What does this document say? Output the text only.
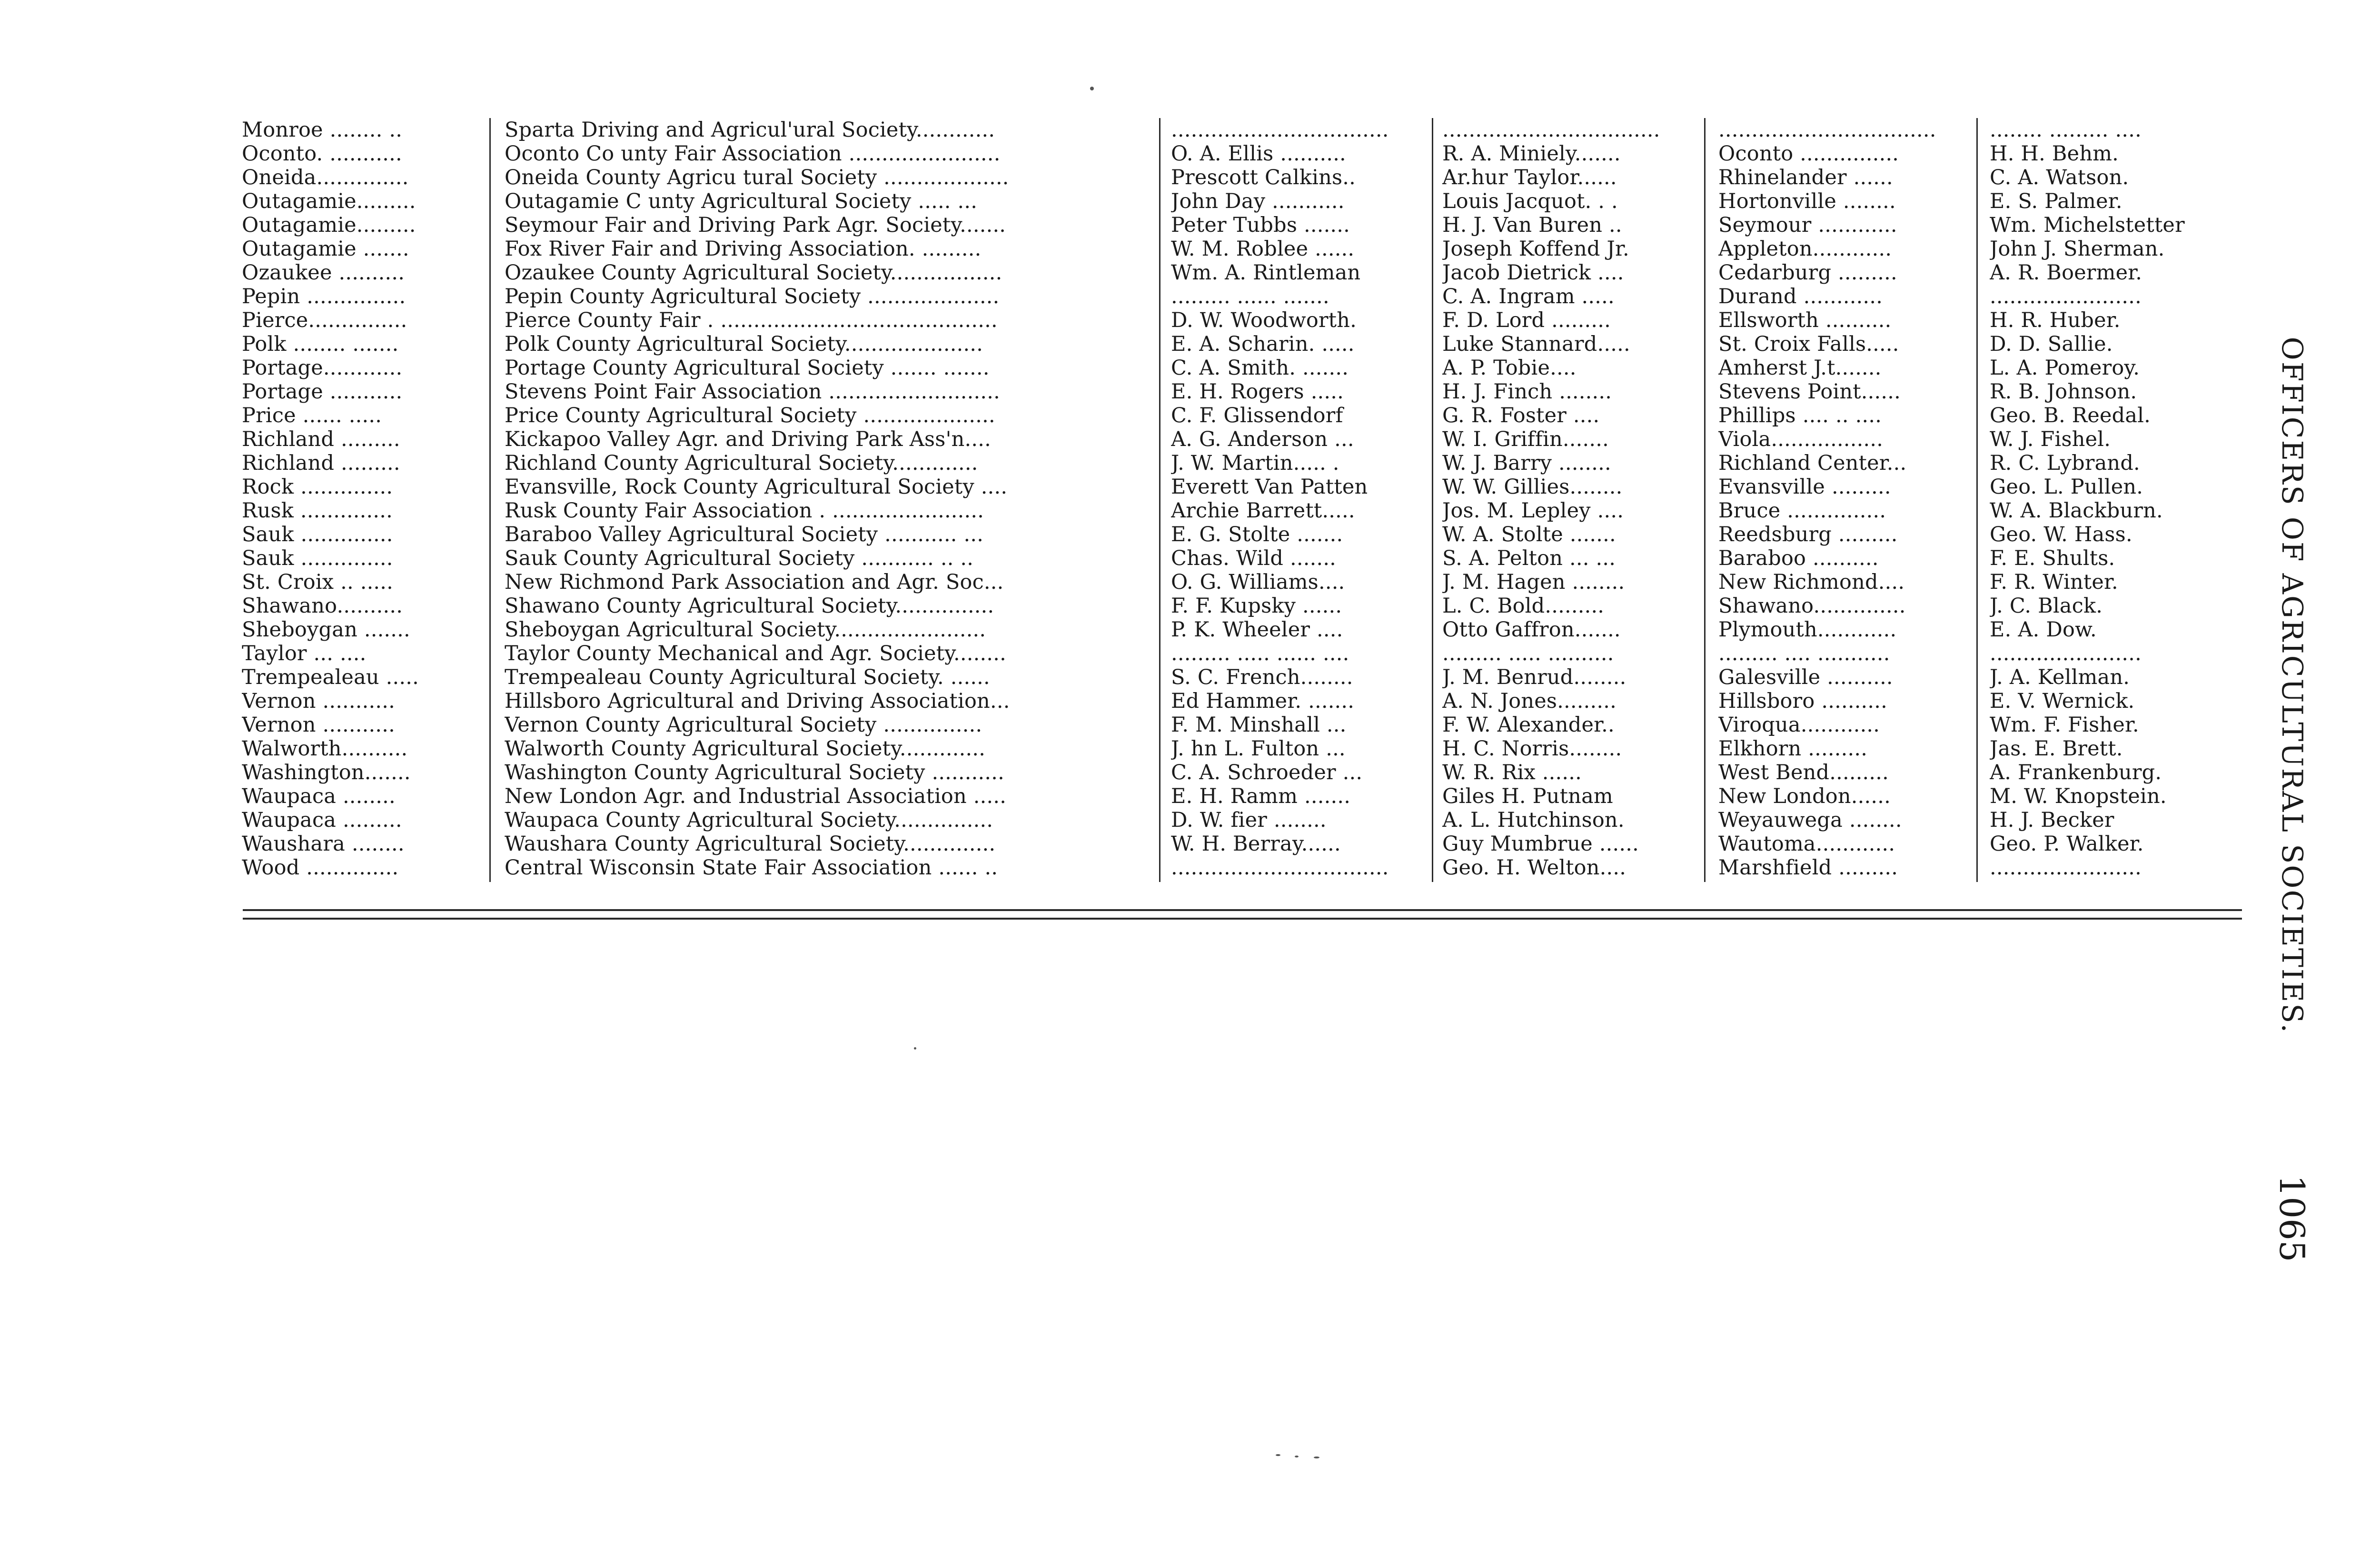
Monroe ........ ..	Sparta Driving and Agricul'ural Society............	.................................	.................................	.................................	........ ......... ....
Oconto. ...........	Oconto Co unty Fair Association .......................	O. A. Ellis ..........	R. A. Miniely.......	Oconto ...............	H. H. Behm.
Oneida..............	Oneida County Agricu tural Society ...................	Prescott Calkins..	Ar.hur Taylor......	Rhinelander ......	C. A. Watson.
Outagamie.........	Outagamie C unty Agricultural Society ..... ...	John Day ...........	Louis Jacquot. . .	Hortonville ........	E. S. Palmer.
Outagamie.........	Seymour Fair and Driving Park Agr. Society.......	Peter Tubbs .......	H. J. Van Buren ..	Seymour ............	Wm. Michelstetter
Outagamie .......	Fox River Fair and Driving Association. .........	W. M. Roblee ......	Joseph Koffend Jr.	Appleton............	John J. Sherman.
Ozaukee ..........	Ozaukee County Agricultural Society.................	Wm. A. Rintleman	Jacob Dietrick ....	Cedarburg .........	A. R. Boermer.
Pepin ...............	Pepin County Agricultural Society ....................	......... ...... .......	C. A. Ingram .....	Durand ............	.......................
Pierce...............	Pierce County Fair . ..........................................	D. W. Woodworth.	F. D. Lord .........	Ellsworth ..........	H. R. Huber.
Polk ........ .......	Polk County Agricultural Society.....................	E. A. Scharin. .....	Luke Stannard.....	St. Croix Falls.....	D. D. Sallie.
Portage............	Portage County Agricultural Society ....... .......	C. A. Smith. .......	A. P. Tobie....	Amherst J.t.......	L. A. Pomeroy.
Portage ...........	Stevens Point Fair Association ..........................	E. H. Rogers .....	H. J. Finch ........	Stevens Point......	R. B. Johnson.
Price ...... .....	Price County Agricultural Society ....................	C. F. Glissendorf	G. R. Foster ....	Phillips .... .. ....	Geo. B. Reedal.
Richland .........	Kickapoo Valley Agr. and Driving Park Ass'n....	A. G. Anderson ...	W. I. Griffin.......	Viola.................	W. J. Fishel.
Richland .........	Richland County Agricultural Society.............	J. W. Martin..... .	W. J. Barry ........	Richland Center...	R. C. Lybrand.
Rock ..............	Evansville, Rock County Agricultural Society ....	Everett Van Patten	W. W. Gillies........	Evansville .........	Geo. L. Pullen.
Rusk ..............	Rusk County Fair Association . .......................	Archie Barrett.....	Jos. M. Lepley ....	Bruce ...............	W. A. Blackburn.
Sauk ..............	Baraboo Valley Agricultural Society ........... ...	E. G. Stolte .......	W. A. Stolte .......	Reedsburg .........	Geo. W. Hass.
Sauk ..............	Sauk County Agricultural Society ........... .. ..	Chas. Wild .......	S. A. Pelton ... ...	Baraboo ..........	F. E. Shults.
St. Croix .. .....	New Richmond Park Association and Agr. Soc...	O. G. Williams....	J. M. Hagen ........	New Richmond....	F. R. Winter.
Shawano..........	Shawano County Agricultural Society...............	F. F. Kupsky ......	L. C. Bold.........	Shawano..............	J. C. Black.
Sheboygan .......	Sheboygan Agricultural Society.......................	P. K. Wheeler ....	Otto Gaffron.......	Plymouth............	E. A. Dow.
Taylor ... ....	Taylor County Mechanical and Agr. Society........	......... ..... ...... ....	......... ..... ..........	......... .... ...........	.......................
Trempealeau .....	Trempealeau County Agricultural Society. ......	S. C. French........	J. M. Benrud........	Galesville ..........	J. A. Kellman.
Vernon ...........	Hillsboro Agricultural and Driving Association...	Ed Hammer. .......	A. N. Jones.........	Hillsboro ..........	E. V. Wernick.
Vernon ...........	Vernon County Agricultural Society ...............	F. M. Minshall ...	F. W. Alexander..	Viroqua............	Wm. F. Fisher.
Walworth..........	Walworth County Agricultural Society.............	J. hn L. Fulton ...	H. C. Norris........	Elkhorn .........	Jas. E. Brett.
Washington.......	Washington County Agricultural Society ...........	C. A. Schroeder ...	W. R. Rix ......	West Bend.........	A. Frankenburg.
Waupaca ........	New London Agr. and Industrial Association .....	E. H. Ramm .......	Giles H. Putnam	New London......	M. W. Knopstein.
Waupaca .........	Waupaca County Agricultural Society...............	D. W. fier ........	A. L. Hutchinson.	Weyauwega ........	H. J. Becker
Waushara ........	Waushara County Agricultural Society..............	W. H. Berray......	Guy Mumbrue ......	Wautoma............	Geo. P. Walker.
Wood ..............	Central Wisconsin State Fair Association ...... ..	.................................	Geo. H. Welton....	Marshfield .........	.......................	OFFICERS OF AGRICULTURAL SOCIETIES.
1065
